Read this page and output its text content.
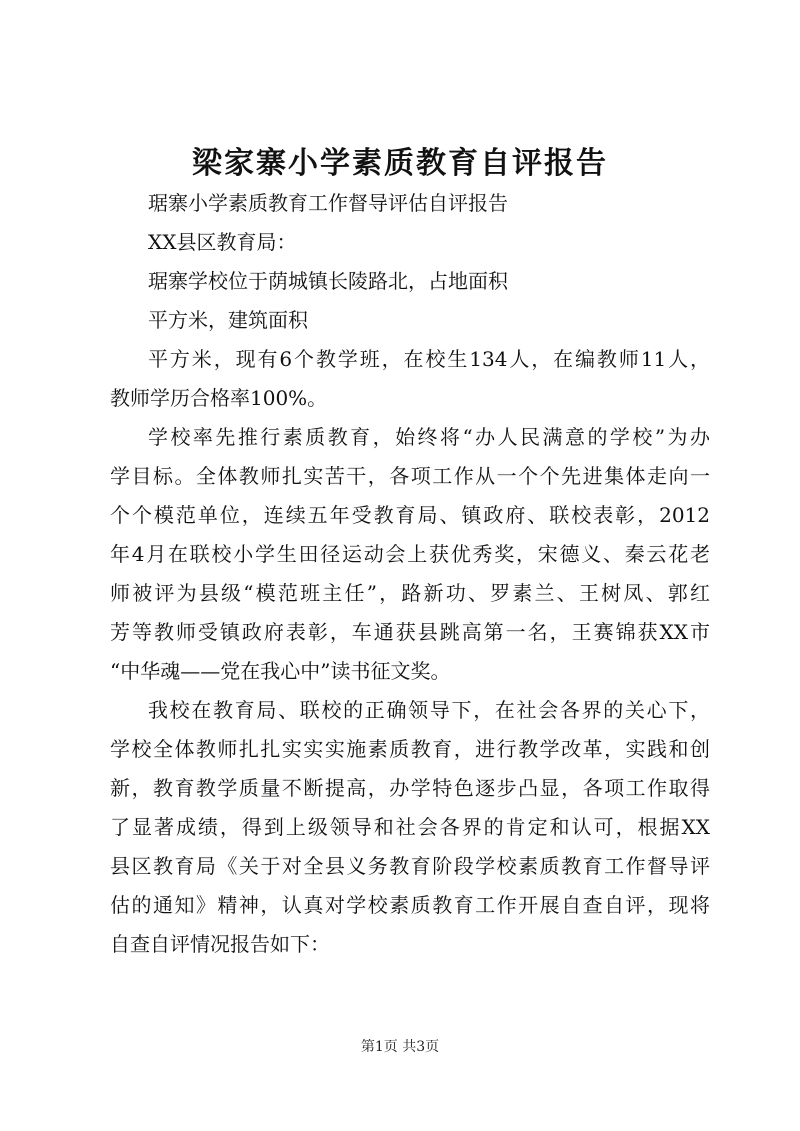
梁家寨小学素质教育自评报告
琚寨小学素质教育工作督导评估自评报告
XX县区教育局：
琚寨学校位于荫城镇长陵路北，占地面积
平方米，建筑面积
平方米，现有6个教学班，在校生134人，在编教师11人，
教师学历合格率100%。
学校率先推行素质教育，始终将“办人民满意的学校”为办
学目标。全体教师扎实苦干，各项工作从一个个先进集体走向一
个个模范单位，连续五年受教育局、镇政府、联校表彰，2012
年4月在联校小学生田径运动会上获优秀奖，宋德义、秦云花老
师被评为县级“模范班主任”，路新功、罗素兰、王树凤、郭红
芳等教师受镇政府表彰，车通获县跳高第一名，王赛锦获XX市
“中华魂——党在我心中”读书征文奖。
我校在教育局、联校的正确领导下，在社会各界的关心下，
学校全体教师扎扎实实实施素质教育，进行教学改革，实践和创
新，教育教学质量不断提高，办学特色逐步凸显，各项工作取得
了显著成绩，得到上级领导和社会各界的肯定和认可，根据XX
县区教育局《关于对全县义务教育阶段学校素质教育工作督导评
估的通知》精神，认真对学校素质教育工作开展自查自评，现将
自查自评情况报告如下：
第1页 共3页
